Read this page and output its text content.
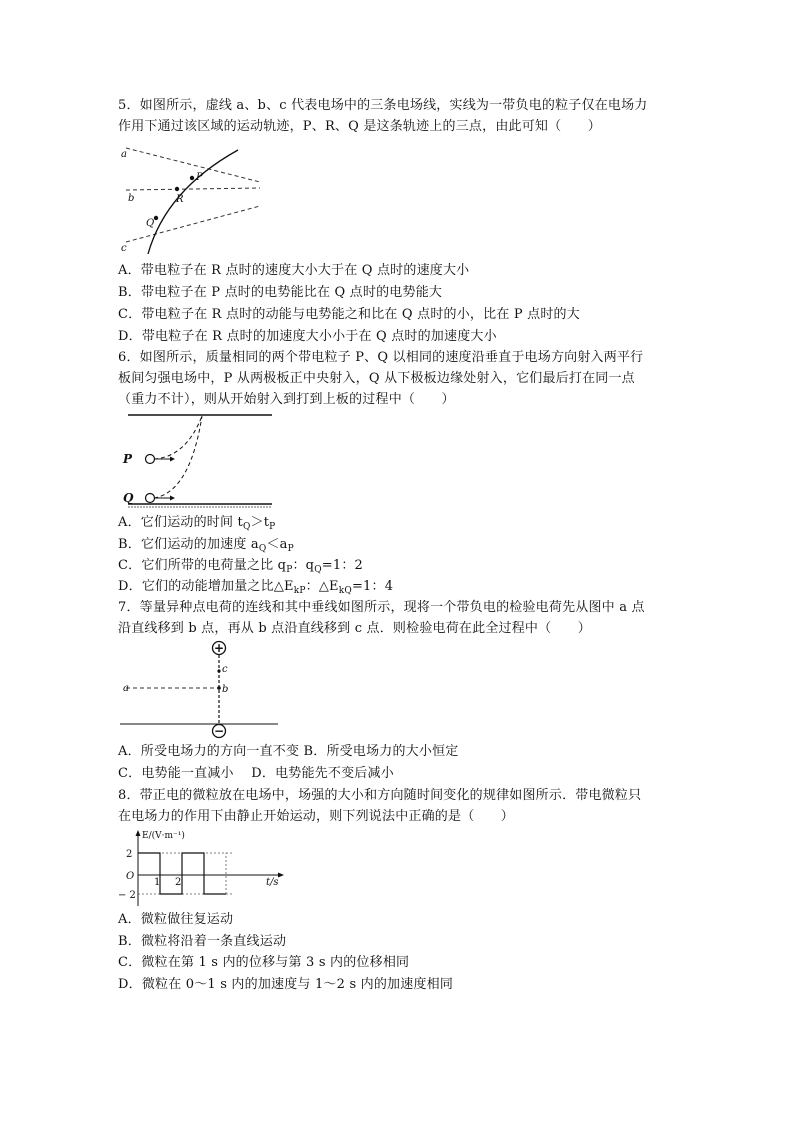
5．如图所示，虚线 a、b、c 代表电场中的三条电场线，实线为一带负电的粒子仅在电场力
作用下通过该区域的运动轨迹，P、R、Q 是这条轨迹上的三点，由此可知（　　）
a
b
c
P
R
Q
A．带电粒子在 R 点时的速度大小大于在 Q 点时的速度大小
B．带电粒子在 P 点时的电势能比在 Q 点时的电势能大
C．带电粒子在 R 点时的动能与电势能之和比在 Q 点时的小，比在 P 点时的大
D．带电粒子在 R 点时的加速度大小小于在 Q 点时的加速度大小
6．如图所示，质量相同的两个带电粒子 P、Q 以相同的速度沿垂直于电场方向射入两平行
板间匀强电场中，P 从两极板正中央射入，Q 从下极板边缘处射入，它们最后打在同一点
（重力不计），则从开始射入到打到上板的过程中（　　）
P
Q
A．它们运动的时间 $t_Q>t_P$
B．它们运动的加速度 $a_Q<a_P$
C．它们所带的电荷量之比 $q_P$：$q_Q=1$：2
D．它们的动能增加量之比$\triangle E_{kP}$：$\triangle E_{kQ}=1$：4
7．等量异种点电荷的连线和其中垂线如图所示，现将一个带负电的检验电荷先从图中 a 点
沿直线移到 b 点，再从 b 点沿直线移到 c 点．则检验电荷在此全过程中（　　）
+
−
a	b
c
A．所受电场力的方向一直不变 B．所受电场力的大小恒定
C．电势能一直减小　 D．电势能先不变后减小
8．带正电的微粒放在电场中，场强的大小和方向随时间变化的规律如图所示．带电微粒只
在电场力的作用下由静止开始运动，则下列说法中正确的是（　　）
E/(V·m⁻¹)
t/s
2
− 2
O
1 2
A．微粒做往复运动
B．微粒将沿着一条直线运动
C．微粒在第 1 s 内的位移与第 3 s 内的位移相同
D．微粒在 0～1 s 内的加速度与 1～2 s 内的加速度相同
